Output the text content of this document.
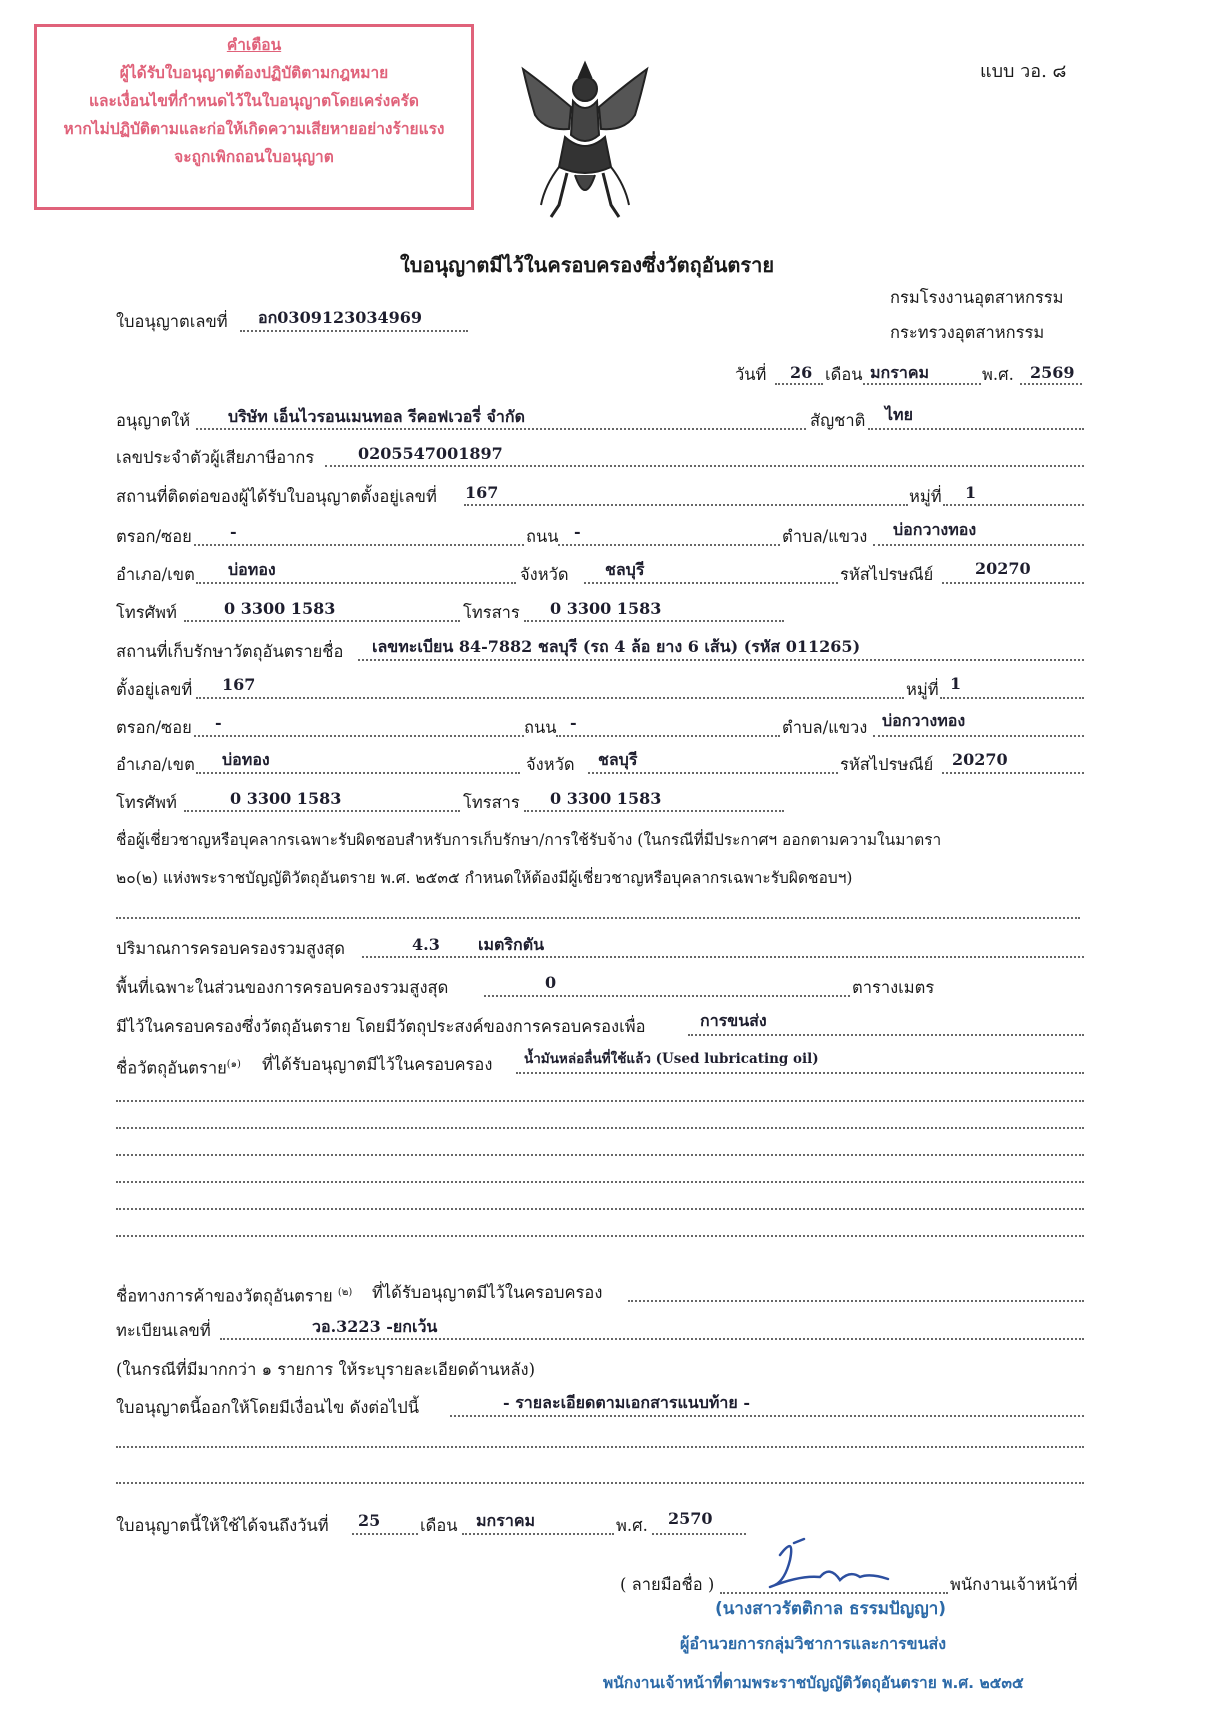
คำเตือน

ผู้ได้รับใบอนุญาตต้องปฏิบัติตามกฎหมาย

และเงื่อนไขที่กำหนดไว้ในใบอนุญาตโดยเคร่งครัด

หากไม่ปฏิบัติตามและก่อให้เกิดความเสียหายอย่างร้ายแรง

จะถูกเพิกถอนใบอนุญาต

แบบ วอ. ๘
ใบอนุญาตมีไว้ในครอบครองซึ่งวัตถุอันตราย
กรมโรงงานอุตสาหกรรม
กระทรวงอุตสาหกรรม
ใบอนุญาตเลขที่ อก0309123034969
วันที่ 26 เดือน มกราคม	พ.ศ. 2569
อนุญาตให้ บริษัท เอ็นไวรอนเมนทอล รีคอฟเวอรี่ จำกัด	สัญชาติ ไทย
เลขประจำตัวผู้เสียภาษีอากร	0205547001897
สถานที่ติดต่อของผู้ได้รับใบอนุญาตตั้งอยู่เลขที่ 167	หมู่ที่ 1
ตรอก/ซอย -	ถนน -	ตำบล/แขวง บ่อกวางทอง
อำเภอ/เขต บ่อทอง	จังหวัด ชลบุรี	รหัสไปรษณีย์	20270
โทรศัพท์	0 3300 1583	โทรสาร 0 3300 1583
สถานที่เก็บรักษาวัตถุอันตรายชื่อ เลขทะเบียน 84-7882 ชลบุรี (รถ 4 ล้อ ยาง 6 เส้น) (รหัส 011265)
ตั้งอยู่เลขที่ 167	หมู่ที่ 1
ตรอก/ซอย -	ถนน -	ตำบล/แขวง บ่อกวางทอง
อำเภอ/เขต บ่อทอง	จังหวัด ชลบุรี	รหัสไปรษณีย์ 20270
โทรศัพท์	0 3300 1583	โทรสาร 0 3300 1583
ชื่อผู้เชี่ยวชาญหรือบุคลากรเฉพาะรับผิดชอบสำหรับการเก็บรักษา/การใช้รับจ้าง (ในกรณีที่มีประกาศฯ ออกตามความในมาตรา
๒๐(๒) แห่งพระราชบัญญัติวัตถุอันตราย พ.ศ. ๒๕๓๕ กำหนดให้ต้องมีผู้เชี่ยวชาญหรือบุคลากรเฉพาะรับผิดชอบฯ)
ปริมาณการครอบครองรวมสูงสุด	4.3 เมตริกตัน
พื้นที่เฉพาะในส่วนของการครอบครองรวมสูงสุด	0	ตารางเมตร
มีไว้ในครอบครองซึ่งวัตถุอันตราย โดยมีวัตถุประสงค์ของการครอบครองเพื่อ	การขนส่ง
ชื่อวัตถุอันตราย$^{(๑)}$ ที่ได้รับอนุญาตมีไว้ในครอบครอง น้ำมันหล่อลื่นที่ใช้แล้ว (Used lubricating oil)
ชื่อทางการค้าของวัตถุอันตราย $^{(๒)}$ ที่ได้รับอนุญาตมีไว้ในครอบครอง
ทะเบียนเลขที่	วอ.3223 -ยกเว้น
(ในกรณีที่มีมากกว่า ๑ รายการ ให้ระบุรายละเอียดด้านหลัง)
ใบอนุญาตนี้ออกให้โดยมีเงื่อนไข ดังต่อไปนี้	- รายละเอียดตามเอกสารแนบท้าย -
ใบอนุญาตนี้ให้ใช้ได้จนถึงวันที่ 25 เดือน มกราคม	พ.ศ. 2570
( ลายมือชื่อ )	พนักงานเจ้าหน้าที่
(นางสาวรัตติกาล ธรรมปัญญา)
ผู้อำนวยการกลุ่มวิชาการและการขนส่ง
พนักงานเจ้าหน้าที่ตามพระราชบัญญัติวัตถุอันตราย พ.ศ. ๒๕๓๕
